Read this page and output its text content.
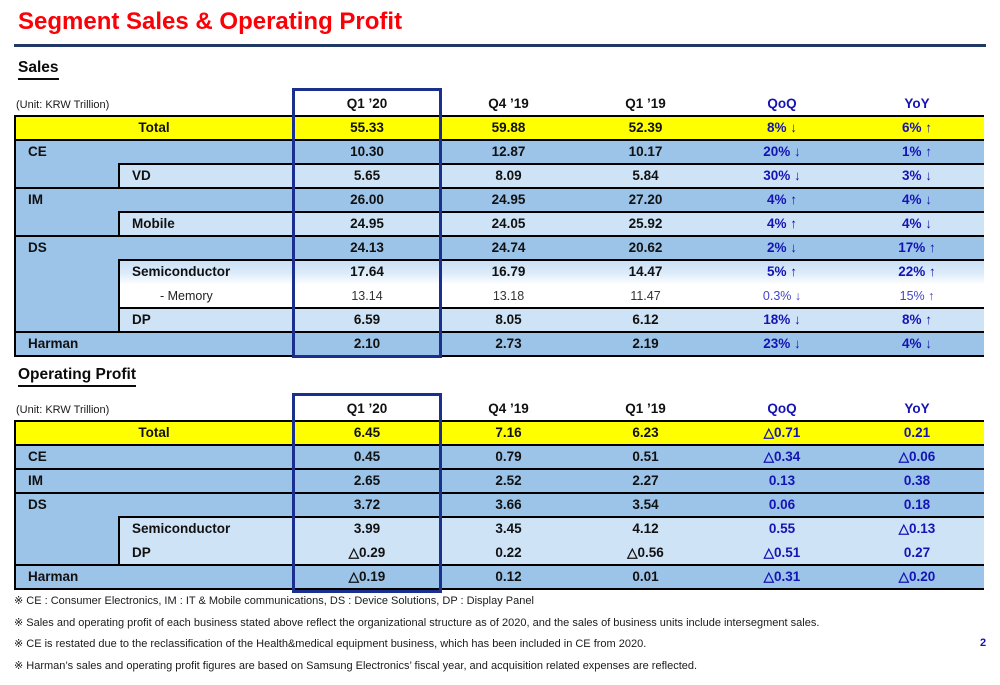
Segment Sales & Operating Profit
Sales
(Unit: KRW Trillion)	Q1 ’20	Q4 ’19	Q1 ’19	QoQ	YoY
Total	55.33	59.88	52.39	8% ↓	6% ↑
CE	10.30	12.87	10.17	20% ↓	1% ↑
VD	5.65	8.09	5.84	30% ↓	3% ↓
IM	26.00	24.95	27.20	4% ↑	4% ↓
Mobile	24.95	24.05	25.92	4% ↑	4% ↓
DS	24.13	24.74	20.62	2% ↓	17% ↑
Semiconductor	17.64	16.79	14.47	5% ↑	22% ↑
- Memory	13.14	13.18	11.47	0.3% ↓	15% ↑
DP	6.59	8.05	6.12	18% ↓	8% ↑
Harman	2.10	2.73	2.19	23% ↓	4% ↓
Operating Profit
(Unit: KRW Trillion)	Q1 ’20	Q4 ’19	Q1 ’19	QoQ	YoY
Total	6.45	7.16	6.23	△0.71	0.21
CE	0.45	0.79	0.51	△0.34	△0.06
IM	2.65	2.52	2.27	0.13	0.38
DS	3.72	3.66	3.54	0.06	0.18
Semiconductor	3.99	3.45	4.12	0.55	△0.13
DP	△0.29	0.22	△0.56	△0.51	0.27
Harman	△0.19	0.12	0.01	△0.31	△0.20
※ CE : Consumer Electronics, IM : IT & Mobile communications, DS : Device Solutions, DP : Display Panel
※ Sales and operating profit of each business stated above reflect the organizational structure as of 2020, and the sales of business units include intersegment sales.
※ CE is restated due to the reclassification of the Health&medical equipment business, which has been included in CE from 2020.
※ Harman’s sales and operating profit figures are based on Samsung Electronics’ fiscal year, and acquisition related expenses are reflected.
2
